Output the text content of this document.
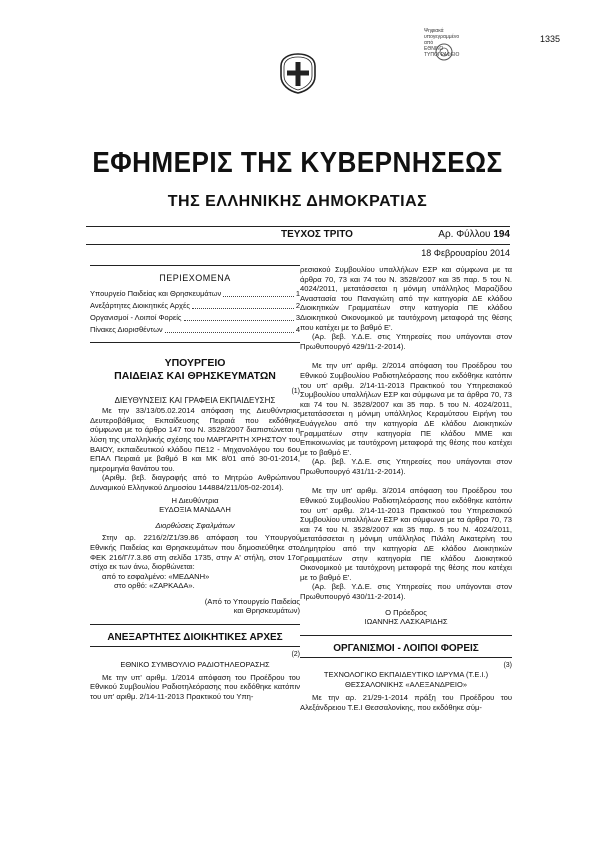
Ψηφιακά
υπογεγραμμένο
από
ΕΘΝΙΚΟ
ΤΥΠΟΓΡΑΦΕΙΟ
1335
ΕΦΗΜΕΡΙΣ ΤΗΣ ΚΥΒΕΡΝΗΣΕΩΣ
ΤΗΣ ΕΛΛΗΝΙΚΗΣ ΔΗΜΟΚΡΑΤΙΑΣ
ΤΕΥΧΟΣ ΤΡΙΤΟ	Αρ. Φύλλου 194
18 Φεβρουαρίου 2014
ΠΕΡΙΕΧΟΜΕΝΑ
Υπουργείο Παιδείας και Θρησκευμάτων	1
Ανεξάρτητες Διοικητικές Αρχές	2
Οργανισμοί - Λοιποί Φορείς	3
Πίνακες Διορισθέντων	4
ΥΠΟΥΡΓΕΙΟ
ΠΑΙΔΕΙΑΣ ΚΑΙ ΘΡΗΣΚΕΥΜΑΤΩΝ
(1)
ΔΙΕΥΘΥΝΣΕΙΣ ΚΑΙ ΓΡΑΦΕΙΑ ΕΚΠΑΙΔΕΥΣΗΣ

Με την 33/13/05.02.2014 απόφαση της Διευθύντριας Δευτεροβάθμιας Εκπαίδευσης Πειραιά που εκδόθηκε σύμφωνα με το άρθρο 147 του Ν. 3528/2007 διαπιστώνεται η λύση της υπαλληλικής σχέσης του ΜΑΡΓΑΡΙΤΗ ΧΡΗΣΤΟΥ του ΒΑΙΟΥ, εκπαιδευτικού κλάδου ΠΕ12 - Μηχανολόγου του 6ου ΕΠΑΛ Πειραιά με βαθμό Β και ΜΚ 8/01 από 30-01-2014, ημερομηνία θανάτου του.

(Αριθμ. βεβ. διαγραφής από το Μητρώο Ανθρώπινου Δυναμικού Ελληνικού Δημοσίου 144884/211/05-02-2014).

Η Διευθύντρια
ΕΥΔΟΞΙΑ ΜΑΝΔΑΛΗ
Διορθώσεις Σφαλμάτων

Στην αρ. 2216/2/Z1/39.86 απόφαση του Υπουργού Εθνικής Παιδείας και Θρησκευμάτων που δημοσιεύθηκε στο ΦΕΚ 216/Γ/7.3.86 στη σελίδα 1735, στην Α' στήλη, στον 17ο στίχο εκ των άνω, διορθώνεται:

από το εσφαλμένο: «ΜΕΔΑΝΗ»

στο ορθό: «ΖΑΡΚΑΔΑ».

(Από το Υπουργείο Παιδείας
και Θρησκευμάτων)
ΑΝΕΞΑΡΤΗΤΕΣ ΔΙΟΙΚΗΤΙΚΕΣ ΑΡΧΕΣ
(2)
ΕΘΝΙΚΟ ΣΥΜΒΟΥΛΙΟ ΡΑΔΙΟΤΗΛΕΟΡΑΣΗΣ

Με την υπ' αριθμ. 1/2014 απόφαση του Προέδρου του Εθνικού Συμβουλίου Ραδιοτηλεόρασης που εκδόθηκε κατόπιν του υπ' αριθμ. 2/14-11-2013 Πρακτικού του Υπη-

ρεσιακού Συμβουλίου υπαλλήλων ΕΣΡ και σύμφωνα με τα άρθρα 70, 73 και 74 του Ν. 3528/2007 και 35 παρ. 5 του Ν. 4024/2011, μετατάσσεται η μόνιμη υπάλληλος Μαραζίδου Αναστασία του Παναγιώτη από την κατηγορία ΔΕ κλάδου Διοικητικών Γραμματέων στην κατηγορία ΠΕ κλάδου Διοικητικού Οικονομικού με ταυτόχρονη μεταφορά της θέσης που κατέχει με το βαθμό Ε'.

(Αρ. βεβ. Υ.Δ.Ε. στις Υπηρεσίες που υπάγονται στον Πρωθυπουργό 429/11-2-2014).

Με την υπ' αριθμ. 2/2014 απόφαση του Προέδρου του Εθνικού Συμβουλίου Ραδιοτηλεόρασης που εκδόθηκε κατόπιν του υπ' αριθμ. 2/14-11-2013 Πρακτικού του Υπηρεσιακού Συμβουλίου υπαλλήλων ΕΣΡ και σύμφωνα με τα άρθρα 70, 73 και 74 του Ν. 3528/2007 και 35 παρ. 5 του Ν. 4024/2011, μετατάσσεται η μόνιμη υπάλληλος Κεραμύτσου Ειρήνη του Ευάγγελου από την κατηγορία ΔΕ κλάδου Διοικητικών Γραμματέων στην κατηγορία ΠΕ κλάδου ΜΜΕ και Επικοινωνίας με ταυτόχρονη μεταφορά της θέσης που κατέχει με το βαθμό Ε'.

(Αρ. βεβ. Υ.Δ.Ε. στις Υπηρεσίες που υπάγονται στον Πρωθυπουργό 431/11-2-2014).

Με την υπ' αριθμ. 3/2014 απόφαση του Προέδρου του Εθνικού Συμβουλίου Ραδιοτηλεόρασης που εκδόθηκε κατόπιν του υπ' αριθμ. 2/14-11-2013 Πρακτικού του Υπηρεσιακού Συμβουλίου υπαλλήλων ΕΣΡ και σύμφωνα με τα άρθρα 70, 73 και 74 του Ν. 3528/2007 και 35 παρ. 5 του Ν. 4024/2011, μετατάσσεται η μόνιμη υπάλληλος Πιλάλη Αικατερίνη του Δημητρίου από την κατηγορία ΔΕ κλάδου Διοικητικών Γραμματέων στην κατηγορία ΠΕ κλάδου Διοικητικού Οικονομικού με ταυτόχρονη μεταφορά της θέσης που κατέχει με το βαθμό Ε'.

(Αρ. βεβ. Υ.Δ.Ε. στις Υπηρεσίες που υπάγονται στον Πρωθυπουργό 430/11-2-2014).

Ο Πρόεδρος
ΙΩΑΝΝΗΣ ΛΑΣΚΑΡΙΔΗΣ
ΟΡΓΑΝΙΣΜΟΙ - ΛΟΙΠΟΙ ΦΟΡΕΙΣ
(3)
ΤΕΧΝΟΛΟΓΙΚΟ ΕΚΠΑΙΔΕΥΤΙΚΟ ΙΔΡΥΜΑ (Τ.Ε.Ι.)
ΘΕΣΣΑΛΟΝΙΚΗΣ «ΑΛΕΞΑΝΔΡΕΙΟ»

Με την αρ. 21/29-1-2014 πράξη του Προέδρου του Αλεξάνδρειου Τ.Ε.Ι Θεσσαλονίκης, που εκδόθηκε σύμ-
